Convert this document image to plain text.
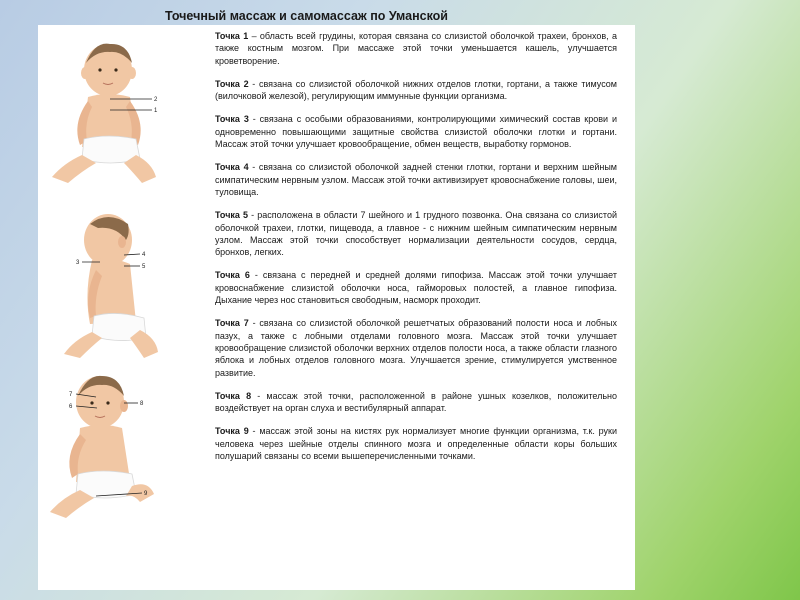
Точечный массаж и самомассаж по Уманской
2
1
3
4
5
7
6	8
9

Точка 1 – область всей грудины, которая связана со слизистой оболочкой трахеи, бронхов, а также костным мозгом. При массаже этой точки уменьшается кашель, улучшается кроветворение.

Точка 2 - связана со слизистой оболочкой нижних отделов глотки, гортани, а также тимусом (вилочковой железой), регулирующим иммунные функции организма.

Точка 3 - связана с особыми образованиями, контролирующими химический состав крови и одновременно повышающими защитные свойства слизистой оболочки глотки и гортани. Массаж этой точки улучшает кровообращение, обмен веществ, выработку гормонов.

Точка 4 - связана со слизистой оболочкой задней стенки глотки, гортани и верхним шейным симпатическим нервным узлом. Массаж этой точки активизирует кровоснабжение головы, шеи, туловища.

Точка 5 - расположена в области 7 шейного и 1 грудного позвонка. Она связана со слизистой оболочкой трахеи, глотки, пищевода, а главное - с нижним шейным симпатическим нервным узлом. Массаж этой точки способствует нормализации деятельности сосудов, сердца, бронхов, легких.

Точка 6 - связана с передней и средней долями гипофиза. Массаж этой точки улучшает кровоснабжение слизистой оболочки носа, гайморовых полостей, а главное гипофиза. Дыхание через нос становиться свободным, насморк проходит.

Точка 7 - связана со слизистой оболочкой решетчатых образований полости носа и лобных пазух, а также с лобными отделами головного мозга. Массаж этой точки улучшает кровообращение слизистой оболочки верхних отделов полости носа, а также области глазного яблока и лобных отделов головного мозга. Улучшается зрение, стимулируется умственное развитие.

Точка 8 - массаж этой точки, расположенной в районе ушных козелков, положительно воздействует на орган слуха и вестибулярный аппарат.

Точка 9 - массаж этой зоны на кистях рук нормализует многие функции организма, т.к. руки человека через шейные отделы спинного мозга и определенные области коры больших полушарий связаны со всеми вышеперечисленными точками.
